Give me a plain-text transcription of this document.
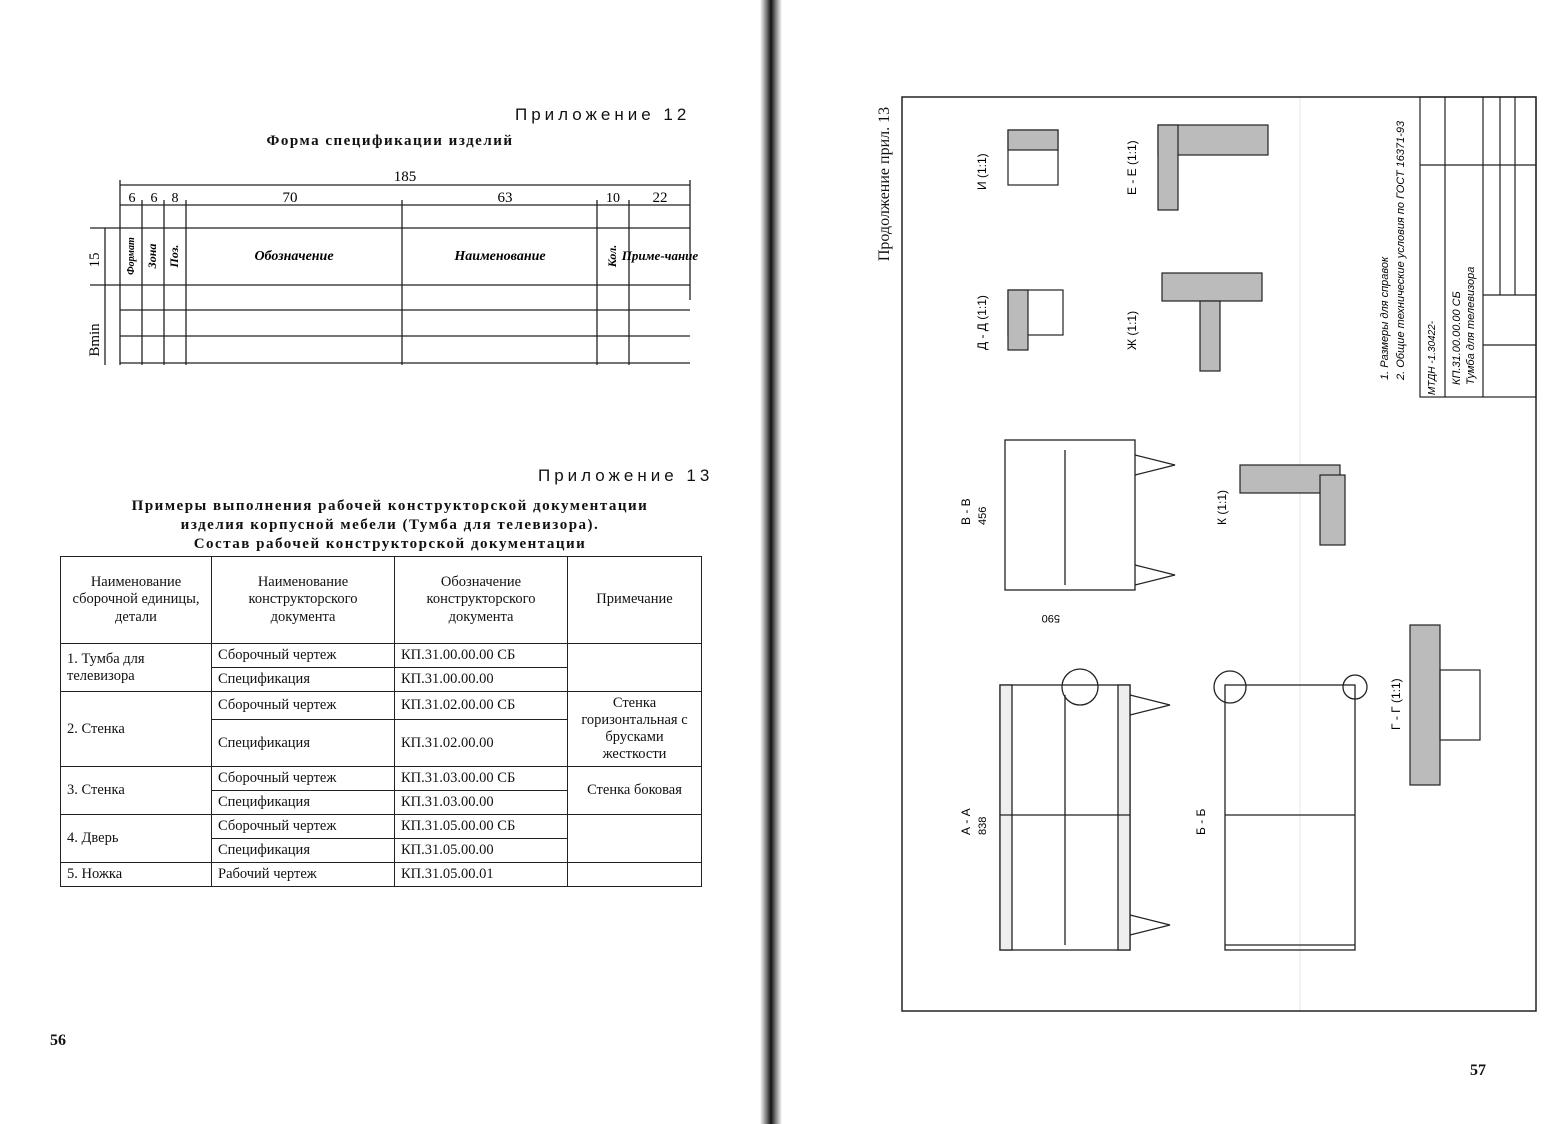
Приложение 12
Форма спецификации изделий
185
6 6 8	70	63	10 22
15
Bmin
Формат Зона Поз.	Обозначение	Наименование	Кол. Приме-чание
Приложение 13
Примеры выполнения рабочей конструкторской документации
изделия корпусной мебели (Тумба для телевизора).
Состав рабочей конструкторской документации
Наименование сборочной единицы, детали	Наименование конструкторского документа	Обозначение конструкторского документа	Примечание
1. Тумба для телевизора	Сборочный чертеж	КП.31.00.00.00 СБ	
	Спецификация	КП.31.00.00.00	
2. Стенка	Сборочный чертеж	КП.31.02.00.00 СБ	Стенка горизонтальная с брусками жесткости
	Спецификация	КП.31.02.00.00	
3. Стенка	Сборочный чертеж	КП.31.03.00.00 СБ	Стенка боковая
	Спецификация	КП.31.03.00.00	
4. Дверь	Сборочный чертеж	КП.31.05.00.00 СБ	
	Спецификация	КП.31.05.00.00	
5. Ножка	Рабочий чертеж	КП.31.05.00.01	
56
Продолжение прил. 13
КП.31.00.00.00 СБ Тумба для телевизора
МТДН -1.30422-
1. Размеры для справок 2. Общие технические условия по ГОСТ 16371-93
А - А 838	Б - Б
В - В 456
590
И (1:1)
Д - Д (1:1)
Е - Е (1:1)
Ж (1:1)
К (1:1)
Г - Г (1:1)
57
